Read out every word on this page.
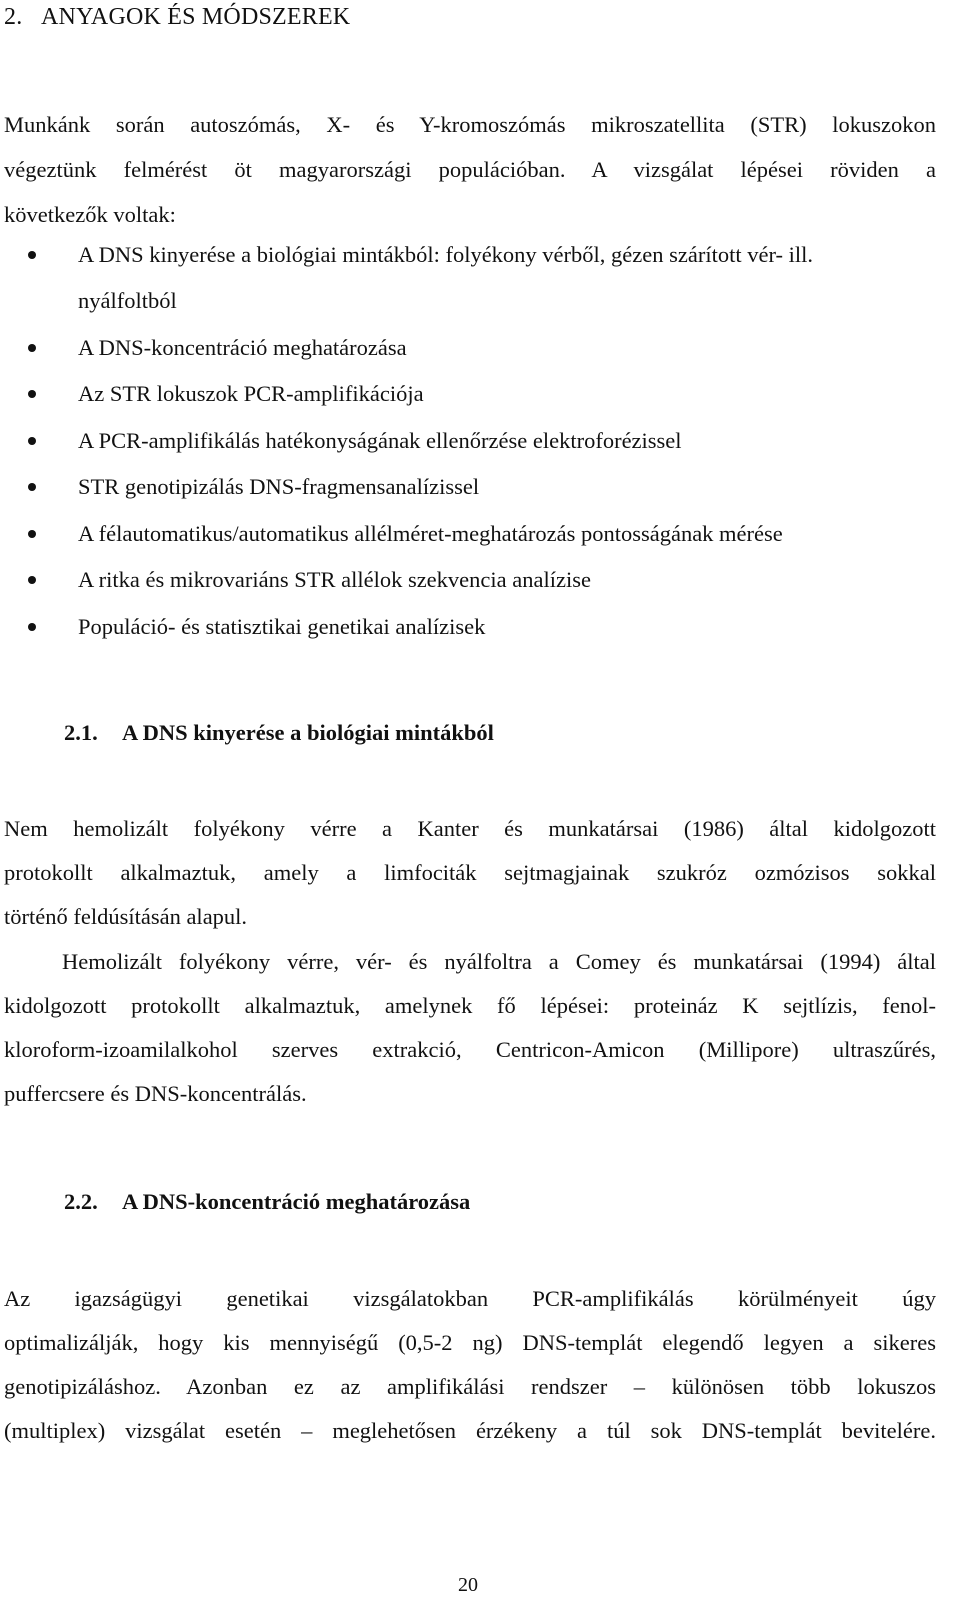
2.   ANYAGOK ÉS MÓDSZEREK

Munkánk során autoszómás, X- és Y-kromoszómás mikroszatellita (STR) lokuszokon

végeztünk felmérést öt magyarországi populációban. A vizsgálat lépései röviden a

következők voltak:

A DNS kinyerése a biológiai mintákból: folyékony vérből, gézen szárított vér- ill.
nyálfoltból
A DNS-koncentráció meghatározása
Az STR lokuszok PCR-amplifikációja
A PCR-amplifikálás hatékonyságának ellenőrzése elektroforézissel
STR genotipizálás DNS-fragmensanalízissel
A félautomatikus/automatikus allélméret-meghatározás pontosságának mérése
A ritka és mikrovariáns STR allélok szekvencia analízise
Populáció- és statisztikai genetikai analízisek
2.1. A DNS kinyerése a biológiai mintákból

Nem hemolizált folyékony vérre a Kanter és munkatársai (1986) által kidolgozott

protokollt alkalmaztuk, amely a limfociták sejtmagjainak szukróz ozmózisos sokkal

történő feldúsításán alapul.

Hemolizált folyékony vérre, vér- és nyálfoltra a Comey és munkatársai (1994) által

kidolgozott protokollt alkalmaztuk, amelynek fő lépései: proteináz K sejtlízis, fenol-

kloroform-izoamilalkohol szerves extrakció, Centricon-Amicon (Millipore) ultraszűrés,

puffercsere és DNS-koncentrálás.

2.2. A DNS-koncentráció meghatározása

Az igazságügyi genetikai vizsgálatokban PCR-amplifikálás körülményeit úgy

optimalizálják, hogy kis mennyiségű (0,5-2 ng) DNS-templát elegendő legyen a sikeres

genotipizáláshoz. Azonban ez az amplifikálási rendszer – különösen több lokuszos

(multiplex) vizsgálat esetén – meglehetősen érzékeny a túl sok DNS-templát bevitelére.

20
